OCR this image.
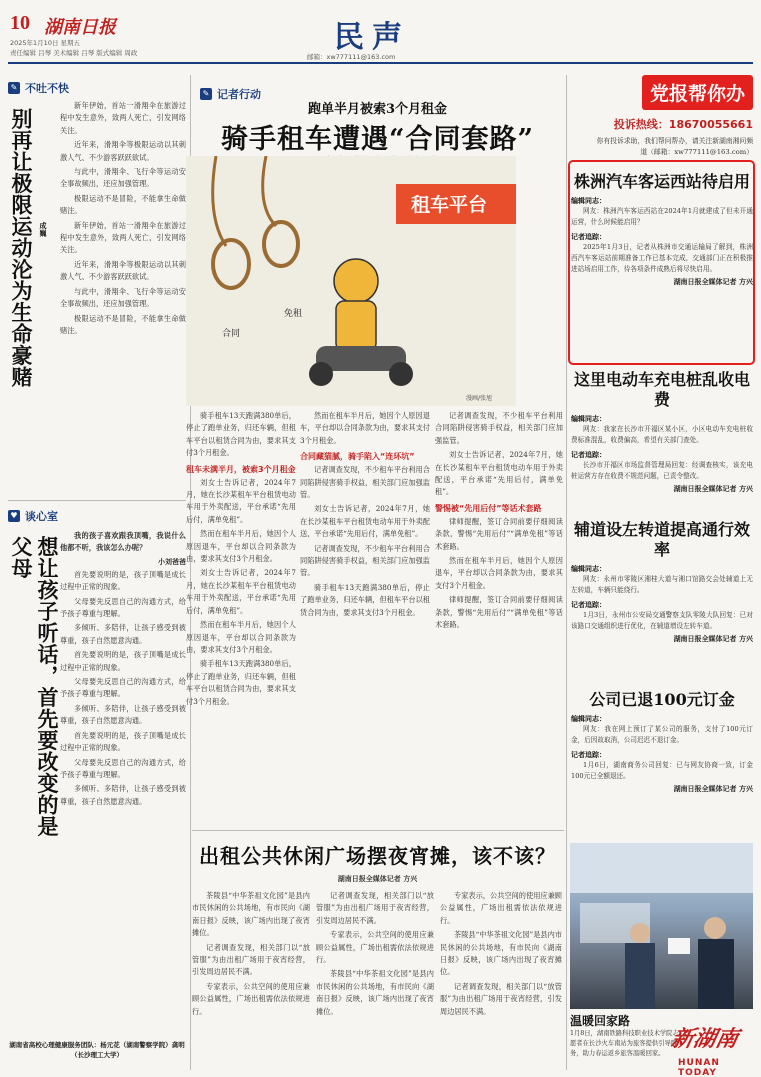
10 湖南日报
2025年1月10日 星期五
责任编辑 吕琴 美术编辑 吕琴 版式编辑 周政	民声
邮箱：xw777111@163.com
✎ 不吐不快
别再让极限运动沦为生命豪赌 成巍

新年伊始，首站一滑翔伞在旅游过程中发生意外，致两人死亡，引发网络关注。

近年来，滑翔伞等极限运动以其刺激人气、不少游客跃跃欲试。

与此中，滑翔伞、飞行伞等运动安全事故频出，还应加强管理。

极限运动不是冒险，不能拿生命做赌注。

新年伊始，首站一滑翔伞在旅游过程中发生意外，致两人死亡，引发网络关注。

近年来，滑翔伞等极限运动以其刺激人气、不少游客跃跃欲试。

与此中，滑翔伞、飞行伞等运动安全事故频出，还应加强管理。

极限运动不是冒险，不能拿生命做赌注。

♥ 谈心室
想让孩子听话，首先要改变的是父母

我的孩子喜欢跟我顶嘴，我说什么他都不听，我该怎么办呢？

小刘爸爸

首先要说明的是，孩子顶嘴是成长过程中正常的现象。

父母要先反思自己的沟通方式，给予孩子尊重与理解。

多倾听、多陪伴，让孩子感受到被尊重，孩子自然愿意沟通。

首先要说明的是，孩子顶嘴是成长过程中正常的现象。

父母要先反思自己的沟通方式，给予孩子尊重与理解。

多倾听、多陪伴，让孩子感受到被尊重，孩子自然愿意沟通。

首先要说明的是，孩子顶嘴是成长过程中正常的现象。

父母要先反思自己的沟通方式，给予孩子尊重与理解。

多倾听、多陪伴，让孩子感受到被尊重，孩子自然愿意沟通。

湖南省高校心理健康服务团队：杨元花（湖南警察学院）龚明（长沙理工大学）
✎ 记者行动
跑单半月被索3个月租金
骑手租车遭遇“合同套路”
租车平台
合同
免租
漫画/张旭

骑手租车13天跑满380单后，停止了跑单业务，归还车辆，但租车平台以租赁合同为由，要求其支付3个月租金。

租车未满半月，被索3个月租金

刘女士告诉记者，2024年7月，她在长沙某租车平台租赁电动车用于外卖配送，平台承诺“先用后付，满单免租”。

然而在租车半月后，她因个人原因退车，平台却以合同条款为由，要求其支付3个月租金。

刘女士告诉记者，2024年7月，她在长沙某租车平台租赁电动车用于外卖配送，平台承诺“先用后付，满单免租”。

然而在租车半月后，她因个人原因退车，平台却以合同条款为由，要求其支付3个月租金。

骑手租车13天跑满380单后，停止了跑单业务，归还车辆，但租车平台以租赁合同为由，要求其支付3个月租金。

然而在租车半月后，她因个人原因退车，平台却以合同条款为由，要求其支付3个月租金。

合同藏猫腻，骑手陷入“连环坑”

记者调查发现，不少租车平台利用合同陷阱侵害骑手权益，相关部门应加强监管。

刘女士告诉记者，2024年7月，她在长沙某租车平台租赁电动车用于外卖配送，平台承诺“先用后付，满单免租”。

记者调查发现，不少租车平台利用合同陷阱侵害骑手权益，相关部门应加强监管。

骑手租车13天跑满380单后，停止了跑单业务，归还车辆，但租车平台以租赁合同为由，要求其支付3个月租金。

记者调查发现，不少租车平台利用合同陷阱侵害骑手权益，相关部门应加强监管。

刘女士告诉记者，2024年7月，她在长沙某租车平台租赁电动车用于外卖配送，平台承诺“先用后付，满单免租”。

警惕被“先用后付”等话术套路

律师提醒，签订合同前要仔细阅读条款，警惕“先用后付”“满单免租”等话术套路。

然而在租车半月后，她因个人原因退车，平台却以合同条款为由，要求其支付3个月租金。

律师提醒，签订合同前要仔细阅读条款，警惕“先用后付”“满单免租”等话术套路。

出租公共休闲广场摆夜宵摊，该不该？
湖南日报全媒体记者 方兴

茶陵县“中华茶祖文化园”是县内市民休闲的公共场地，有市民向《湖南日报》反映，该广场内出现了夜宵摊位。

记者调查发现，相关部门以“放管服”为由出租广场用于夜宵经营，引发周边居民不满。

专家表示，公共空间的使用应兼顾公益属性，广场出租需依法依规进行。

记者调查发现，相关部门以“放管服”为由出租广场用于夜宵经营，引发周边居民不满。

专家表示，公共空间的使用应兼顾公益属性，广场出租需依法依规进行。

茶陵县“中华茶祖文化园”是县内市民休闲的公共场地，有市民向《湖南日报》反映，该广场内出现了夜宵摊位。

专家表示，公共空间的使用应兼顾公益属性，广场出租需依法依规进行。

茶陵县“中华茶祖文化园”是县内市民休闲的公共场地，有市民向《湖南日报》反映，该广场内出现了夜宵摊位。

记者调查发现，相关部门以“放管服”为由出租广场用于夜宵经营，引发周边居民不满。

党报帮你办
投诉热线：18670055661
你有投诉求助，我们帮问帮办，请关注新湖南湘问频道（邮箱：xw777111@163.com）
株洲汽车客运西站待启用
编辑同志：
网友：株洲汽车客运西站在2024年1月就建成了但未开通运营，什么时候能启用？
记者追踪：
2025年1月3日，记者从株洲市交通运输局了解到，株洲西汽车客运站前期准备工作已基本完成，交通部门正在积极推进站场启用工作，待各项条件成熟后将尽快启用。
湖南日报全媒体记者 方兴
这里电动车充电桩乱收电费
编辑同志：
网友：我家在长沙市开福区某小区，小区电动车充电桩收费标准混乱，收费偏高，希望有关部门查处。
记者追踪：
长沙市开福区市场监督管理局回复：经调查核实，该充电桩运营方存在收费不规范问题，已责令整改。
湖南日报全媒体记者 方兴
辅道设左转道提高通行效率
编辑同志：
网友：永州市零陵区湘桂大道与湘口馆路交会处辅道上无左转道，车辆只能绕行。
记者追踪：
1月3日，永州市公安局交通警察支队零陵大队回复：已对该路口交通组织进行优化，在辅道增设左转车道。
湖南日报全媒体记者 方兴
公司已退100元订金
编辑同志：
网友：我在网上预订了某公司的服务，支付了100元订金，后因故取消，公司迟迟不退订金。
记者追踪：
1月6日，湖南商务公司回复：已与网友协商一致，订金100元已全额退还。
湖南日报全媒体记者 方兴
温暖回家路
1月8日，湖南铁路科技职业技术学院志愿者在长沙火车南站为旅客提供引导服务，助力春运返乡旅客温暖回家。
新湖南
HUNAN TODAY
